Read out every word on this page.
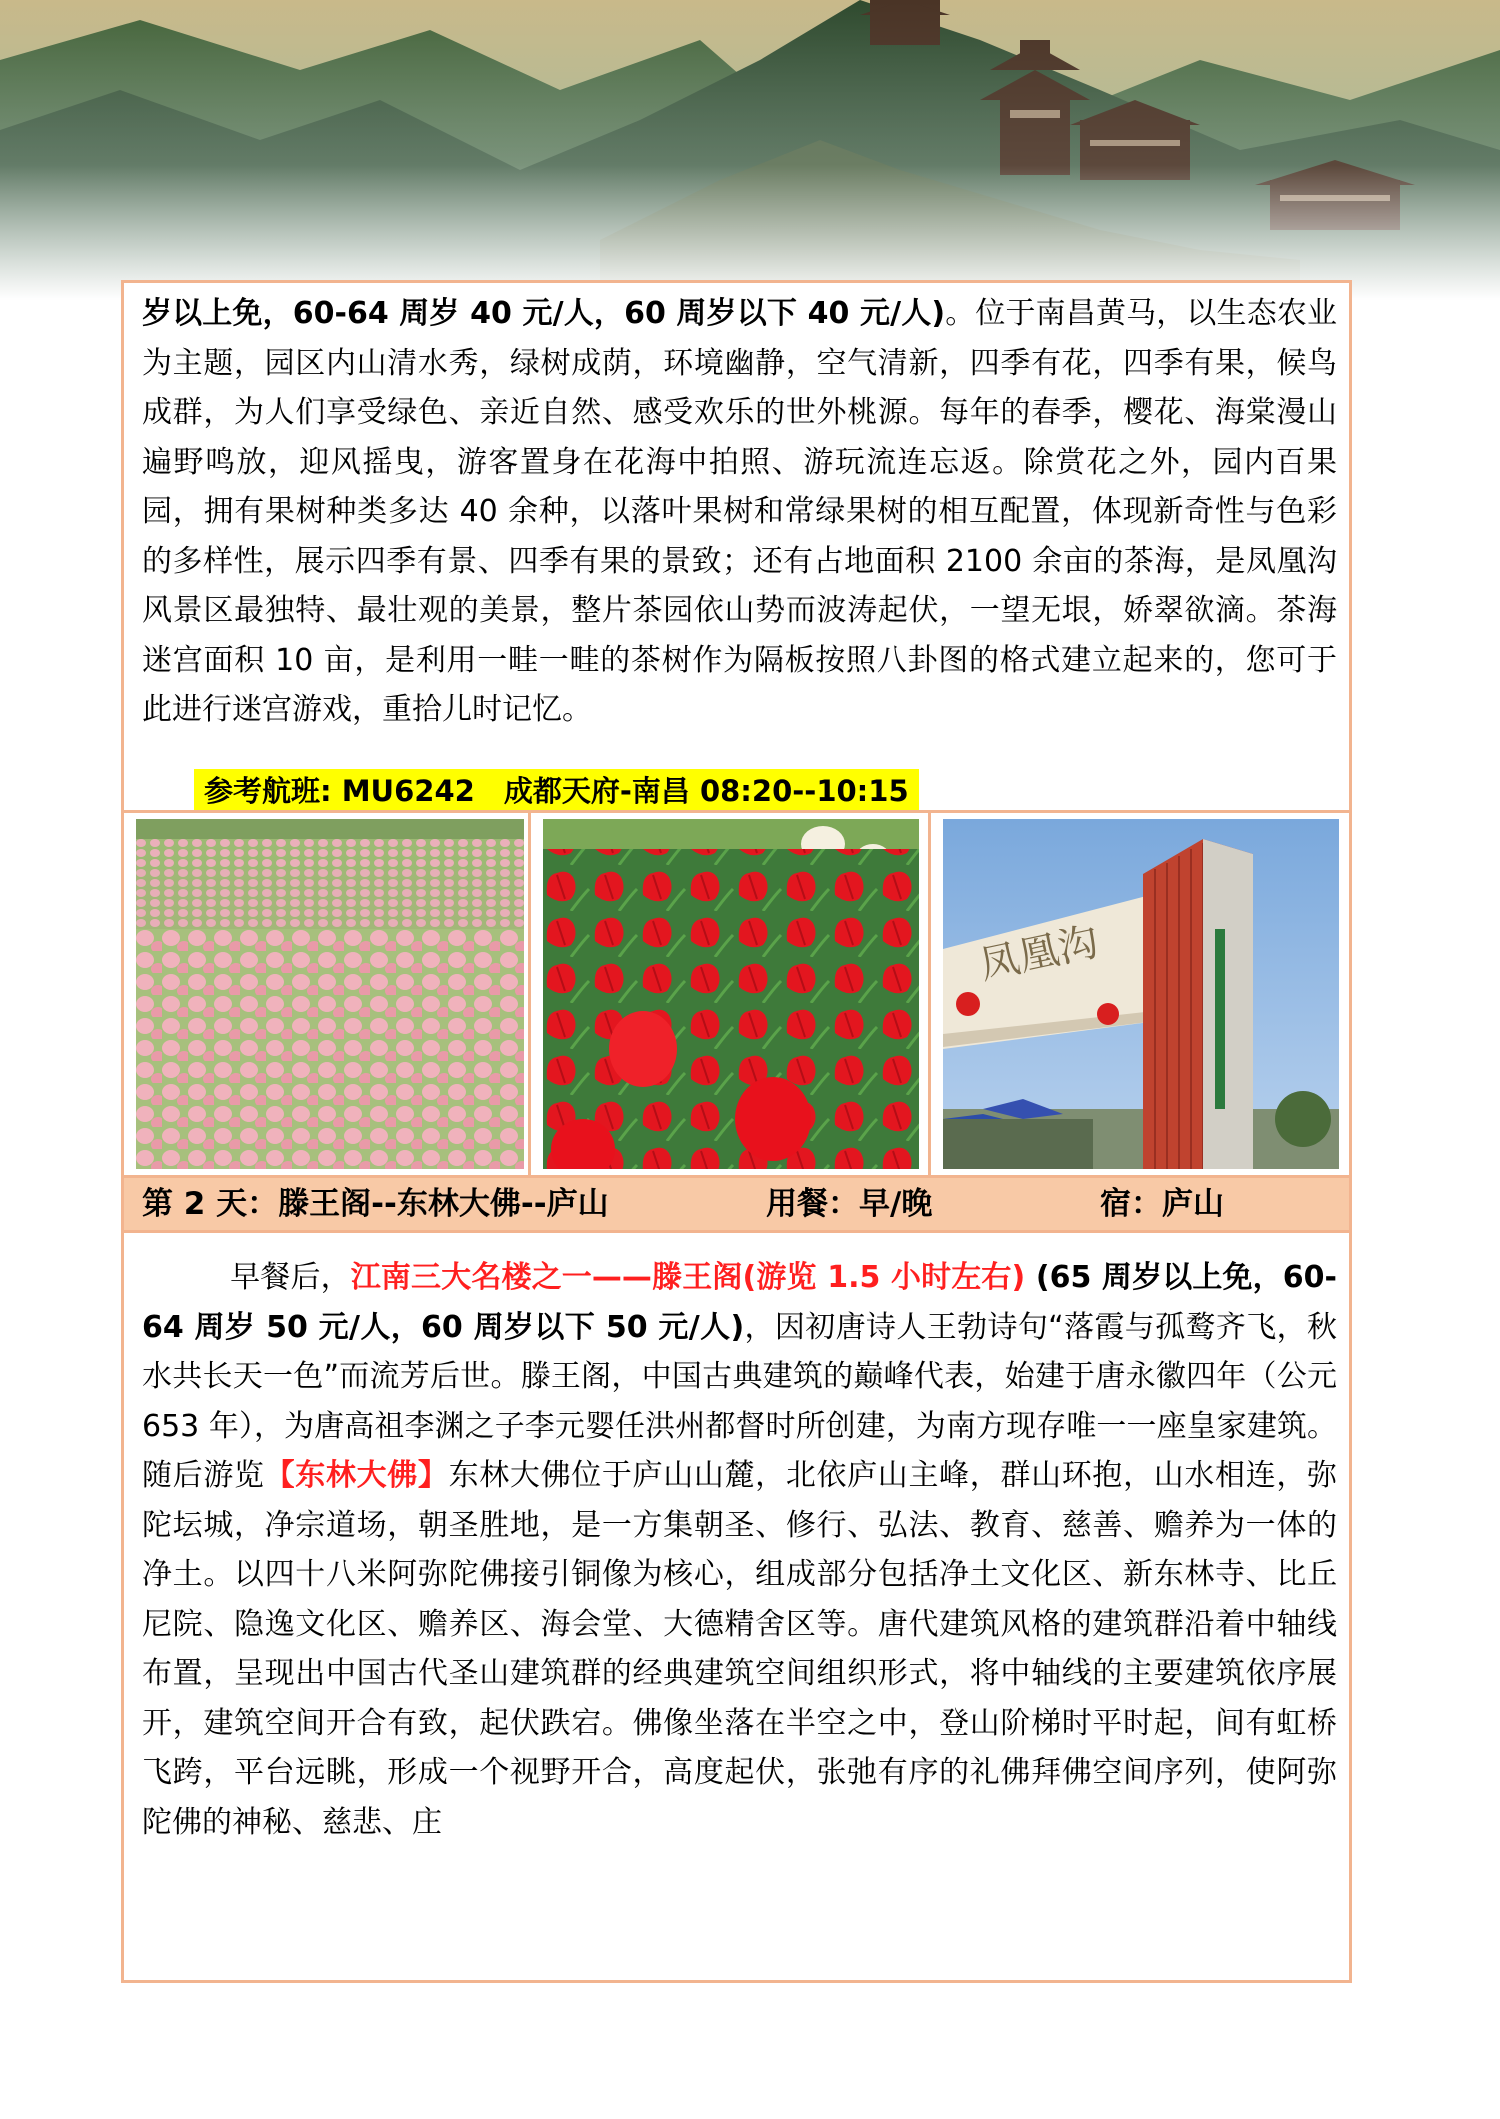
岁以上免，60-64 周岁 40 元/人，60 周岁以下 40 元/人)。位于南昌黄马，以生态农业为主题，园区内山清水秀，绿树成荫，环境幽静，空气清新，四季有花，四季有果，候鸟成群，为人们享受绿色、亲近自然、感受欢乐的世外桃源。每年的春季，樱花、海棠漫山遍野鸣放，迎风摇曳，游客置身在花海中拍照、游玩流连忘返。除赏花之外，园内百果园，拥有果树种类多达 40 余种，以落叶果树和常绿果树的相互配置，体现新奇性与色彩的多样性，展示四季有景、四季有果的景致；还有占地面积 2100 余亩的茶海，是凤凰沟风景区最独特、最壮观的美景，整片茶园依山势而波涛起伏，一望无垠，娇翠欲滴。茶海迷宫面积 10 亩，是利用一畦一畦的茶树作为隔板按照八卦图的格式建立起来的，您可于此进行迷宫游戏，重拾儿时记忆。
参考航班: MU6242　成都天府-南昌 08:20--10:15
凤凰沟
第 2 天：滕王阁--东林大佛--庐山	用餐：早/晚	宿：庐山
早餐后，江南三大名楼之一——滕王阁(游览 1.5 小时左右) (65 周岁以上免，60-64 周岁 50 元/人，60 周岁以下 50 元/人)，因初唐诗人王勃诗句“落霞与孤鹜齐飞，秋水共长天一色”而流芳后世。滕王阁，中国古典建筑的巅峰代表，始建于唐永徽四年（公元 653 年），为唐高祖李渊之子李元婴任洪州都督时所创建，为南方现存唯一一座皇家建筑。随后游览【东林大佛】东林大佛位于庐山山麓，北依庐山主峰，群山环抱，山水相连，弥陀坛城，净宗道场，朝圣胜地，是一方集朝圣、修行、弘法、教育、慈善、赡养为一体的净土。以四十八米阿弥陀佛接引铜像为核心，组成部分包括净土文化区、新东林寺、比丘尼院、隐逸文化区、赡养区、海会堂、大德精舍区等。唐代建筑风格的建筑群沿着中轴线布置，呈现出中国古代圣山建筑群的经典建筑空间组织形式，将中轴线的主要建筑依序展开，建筑空间开合有致，起伏跌宕。佛像坐落在半空之中，登山阶梯时平时起，间有虹桥飞跨，平台远眺，形成一个视野开合，高度起伏，张弛有序的礼佛拜佛空间序列，使阿弥陀佛的神秘、慈悲、庄
